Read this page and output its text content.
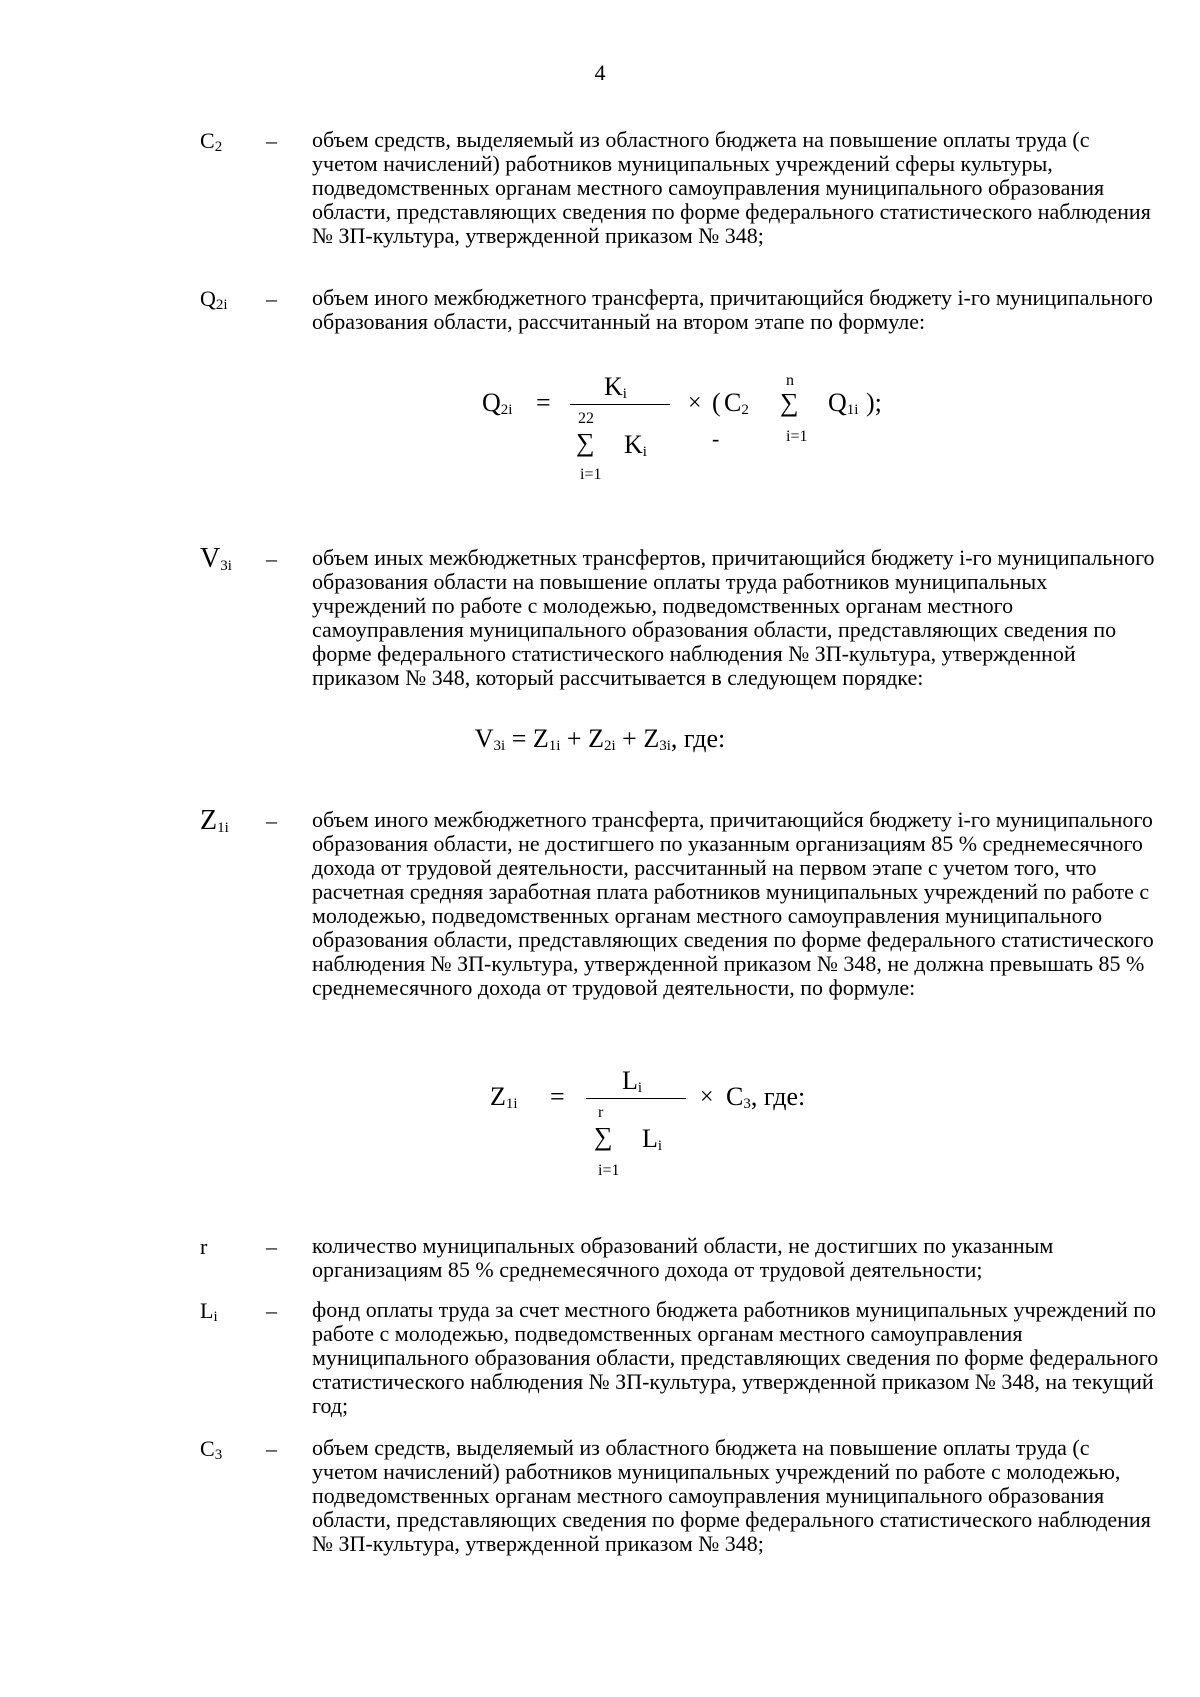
4
$C_2$	– объем средств, выделяемый из областного бюджета на повышение оплаты труда (с учетом начислений) работников муниципальных учреждений сферы культуры, подведомственных органам местного самоуправления муниципального образования области, представляющих сведения по форме федерального статистического наблюдения № ЗП-культура, утвержденной приказом № 348;
$Q_{2i}$	– объем иного межбюджетного трансферта, причитающийся бюджету i-го муниципального образования области, рассчитанный на втором этапе по формуле:
$Q_{2i}$ =
$K_i$
22
∑ $K_i$
i=1
× ( $C_2$
-
n
∑
i=1
$Q_{1i}$ );
$V_{3i}$	– объем иных межбюджетных трансфертов, причитающийся бюджету i-го муниципального образования области на повышение оплаты труда работников муниципальных учреждений по работе с молодежью, подведомственных органам местного самоуправления муниципального образования области, представляющих сведения по форме федерального статистического наблюдения № ЗП-культура, утвержденной приказом № 348, который рассчитывается в следующем порядке:
$V_{3i} = Z_{1i} + Z_{2i} + Z_{3i}$, где:
$Z_{1i}$	– объем иного межбюджетного трансферта, причитающийся бюджету i-го муниципального образования области, не достигшего по указанным организациям 85 % среднемесячного дохода от трудовой деятельности, рассчитанный на первом этапе с учетом того, что расчетная средняя заработная плата работников муниципальных учреждений по работе с молодежью, подведомственных органам местного самоуправления муниципального образования области, представляющих сведения по форме федерального статистического наблюдения № ЗП-культура, утвержденной приказом № 348, не должна превышать 85 % среднемесячного дохода от трудовой деятельности, по формуле:
$Z_{1i}$ =
$L_i$
r
∑ $L_i$
i=1
× $C_3$, где:
r	– количество муниципальных образований области, не достигших по указанным организациям 85 % среднемесячного дохода от трудовой деятельности;
$L_i$	– фонд оплаты труда за счет местного бюджета работников муниципальных учреждений по работе с молодежью, подведомственных органам местного самоуправления муниципального образования области, представляющих сведения по форме федерального статистического наблюдения № ЗП-культура, утвержденной приказом № 348, на текущий год;
$C_3$	– объем средств, выделяемый из областного бюджета на повышение оплаты труда (с учетом начислений) работников муниципальных учреждений по работе с молодежью, подведомственных органам местного самоуправления муниципального образования области, представляющих сведения по форме федерального статистического наблюдения № ЗП-культура, утвержденной приказом № 348;
